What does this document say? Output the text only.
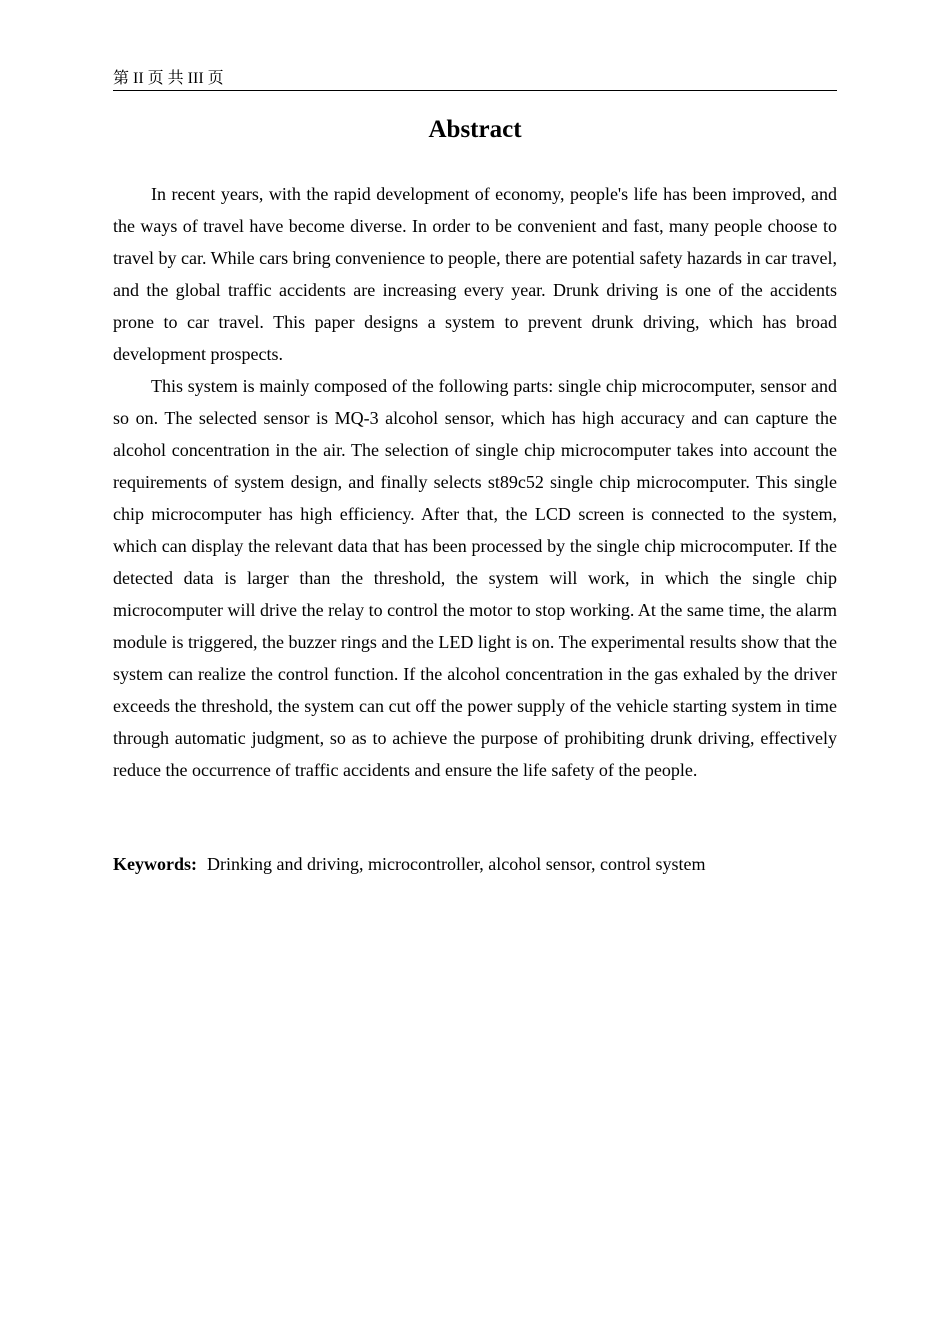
第 II 页 共 III 页
Abstract

In recent years, with the rapid development of economy, people's life has been improved, and the ways of travel have become diverse. In order to be convenient and fast, many people choose to travel by car. While cars bring convenience to people, there are potential safety hazards in car travel, and the global traffic accidents are increasing every year. Drunk driving is one of the accidents prone to car travel. This paper designs a system to prevent drunk driving, which has broad development prospects.

This system is mainly composed of the following parts: single chip microcomputer, sensor and so on. The selected sensor is MQ-3 alcohol sensor, which has high accuracy and can capture the alcohol concentration in the air. The selection of single chip microcomputer takes into account the requirements of system design, and finally selects st89c52 single chip microcomputer. This single chip microcomputer has high efficiency. After that, the LCD screen is connected to the system, which can display the relevant data that has been processed by the single chip microcomputer. If the detected data is larger than the threshold, the system will work, in which the single chip microcomputer will drive the relay to control the motor to stop working. At the same time, the alarm module is triggered, the buzzer rings and the LED light is on. The experimental results show that the system can realize the control function. If the alcohol concentration in the gas exhaled by the driver exceeds the threshold, the system can cut off the power supply of the vehicle starting system in time through automatic judgment, so as to achieve the purpose of prohibiting drunk driving, effectively reduce the occurrence of traffic accidents and ensure the life safety of the people.

Keywords: Drinking and driving, microcontroller, alcohol sensor, control system
